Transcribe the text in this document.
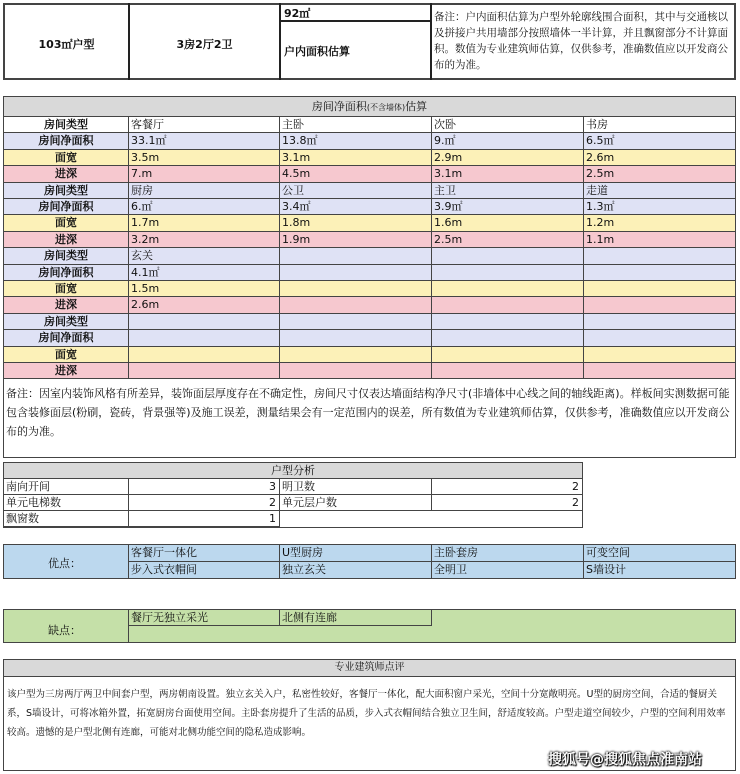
103㎡户型	3房2厅2卫
92㎡
户内面积估算
备注：户内面积估算为户型外轮廓线围合面积，其中与交通核以及拼接户共用墙部分按照墙体一半计算，并且飘窗部分不计算面积。数值为专业建筑师估算，仅供参考，准确数值应以开发商公布的为准。
房间净面积(不含墙体)估算
房间类型	客餐厅	主卧	次卧	书房
房间净面积	33.1㎡	13.8㎡	9.㎡	6.5㎡
面宽	3.5m	3.1m	2.9m	2.6m
进深	7.m	4.5m	3.1m	2.5m
房间类型	厨房	公卫	主卫	走道
房间净面积	6.㎡	3.4㎡	3.9㎡	1.3㎡
面宽	1.7m	1.8m	1.6m	1.2m
进深	3.2m	1.9m	2.5m	1.1m
房间类型	玄关
房间净面积	4.1㎡
面宽	1.5m
进深	2.6m
房间类型
房间净面积
面宽
进深
备注：因室内装饰风格有所差异，装饰面层厚度存在不确定性，房间尺寸仅表达墙面结构净尺寸(非墙体中心线之间的轴线距离)。样板间实测数据可能包含装修面层(粉刷，瓷砖，背景强等)及施工误差，测量结果会有一定范围内的误差，所有数值为专业建筑师估算，仅供参考，准确数值应以开发商公布的为准。
户型分析
南向开间	3 明卫数	2
单元电梯数	2 单元层户数	2
飘窗数	1
优点：
客餐厅一体化	U型厨房	主卧套房	可变空间
步入式衣帽间	独立玄关	全明卫	S墙设计
缺点：
餐厅无独立采光	北侧有连廊
专业建筑师点评
该户型为三房两厅两卫中间套户型，两房朝南设置。独立玄关入户，私密性较好，客餐厅一体化，配大面积窗户采光，空间十分宽敞明亮。U型的厨房空间，合适的餐厨关系，S墙设计，可将冰箱外置，拓宽厨房台面使用空间。主卧套房提升了生活的品质，步入式衣帽间结合独立卫生间，舒适度较高。户型走道空间较少，户型的空间利用效率较高。遗憾的是户型北侧有连廊，可能对北侧功能空间的隐私造成影响。
搜狐号@搜狐焦点淮南站
